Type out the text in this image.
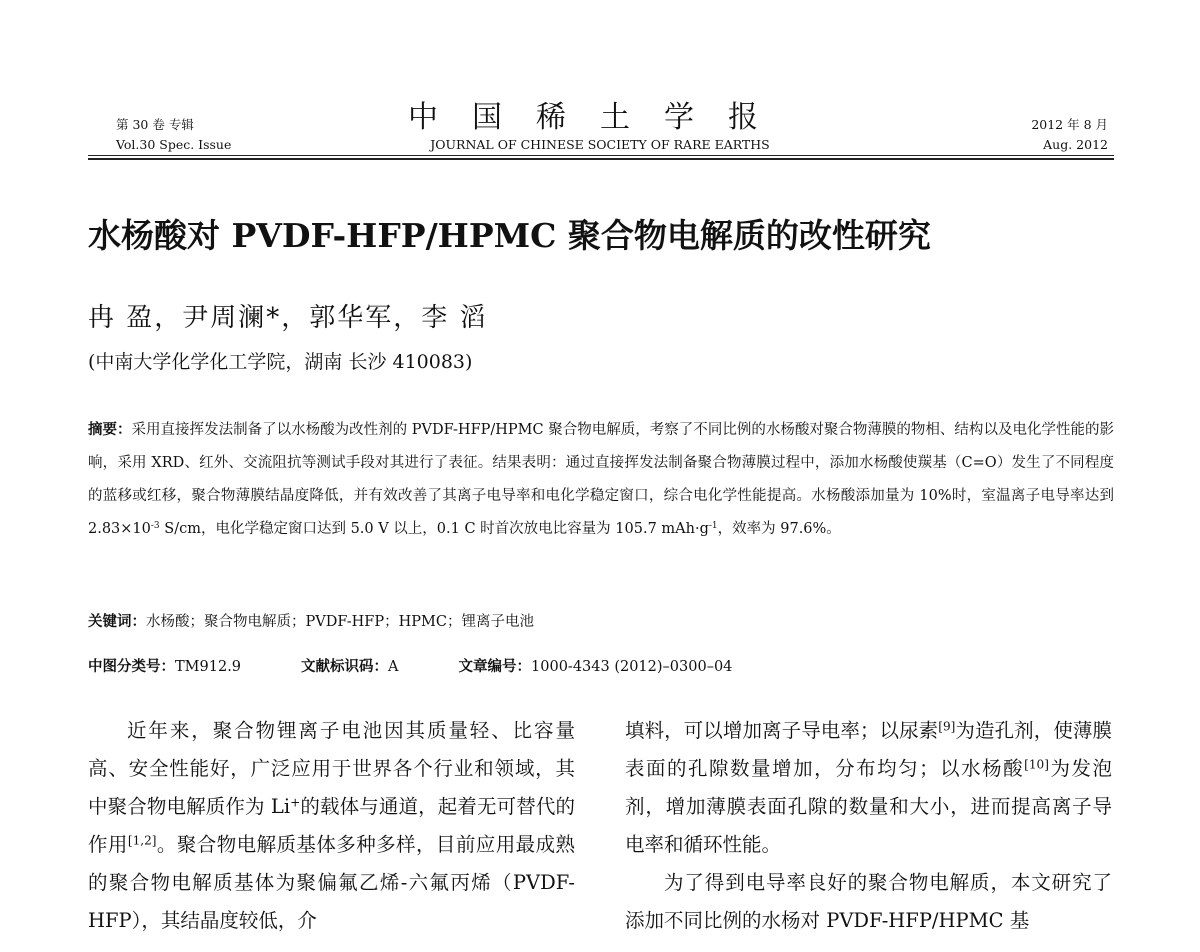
第 30 卷 专辑
Vol.30 Spec. Issue
中国稀土学报
JOURNAL OF CHINESE SOCIETY OF RARE EARTHS
2012 年 8 月
Aug. 2012
水杨酸对 PVDF-HFP/HPMC 聚合物电解质的改性研究
冉 盈，尹周澜*，郭华军，李 滔
(中南大学化学化工学院，湖南 长沙 410083)
摘要：采用直接挥发法制备了以水杨酸为改性剂的 PVDF-HFP/HPMC 聚合物电解质，考察了不同比例的水杨酸对聚合物薄膜的物相、结构以及电化学性能的影响，采用 XRD、红外、交流阻抗等测试手段对其进行了表征。结果表明：通过直接挥发法制备聚合物薄膜过程中，添加水杨酸使羰基（C=O）发生了不同程度的蓝移或红移，聚合物薄膜结晶度降低，并有效改善了其离子电导率和电化学稳定窗口，综合电化学性能提高。水杨酸添加量为 10%时，室温离子电导率达到 $2.83\times 10^{-3}$ S/cm，电化学稳定窗口达到 5.0 V 以上，0.1 C 时首次放电比容量为 105.7 $mAh\cdot g^{-1}$，效率为 97.6%。
关键词：水杨酸；聚合物电解质；PVDF-HFP；HPMC；锂离子电池
中图分类号：TM912.9	文献标识码：A	文章编号：1000-4343 (2012)–0300–04

近年来，聚合物锂离子电池因其质量轻、比容量高、安全性能好，广泛应用于世界各个行业和领域，其中聚合物电解质作为 Li+的载体与通道，起着无可替代的作用[1,2]。聚合物电解质基体多种多样，目前应用最成熟的聚合物电解质基体为聚偏氟乙烯-六氟丙烯（PVDF-HFP），其结晶度较低，介

填料，可以增加离子导电率；以尿素[9]为造孔剂，使薄膜表面的孔隙数量增加，分布均匀；以水杨酸[10]为发泡剂，增加薄膜表面孔隙的数量和大小，进而提高离子导电率和循环性能。

为了得到电导率良好的聚合物电解质，本文研究了添加不同比例的水杨对 PVDF-HFP/HPMC 基
